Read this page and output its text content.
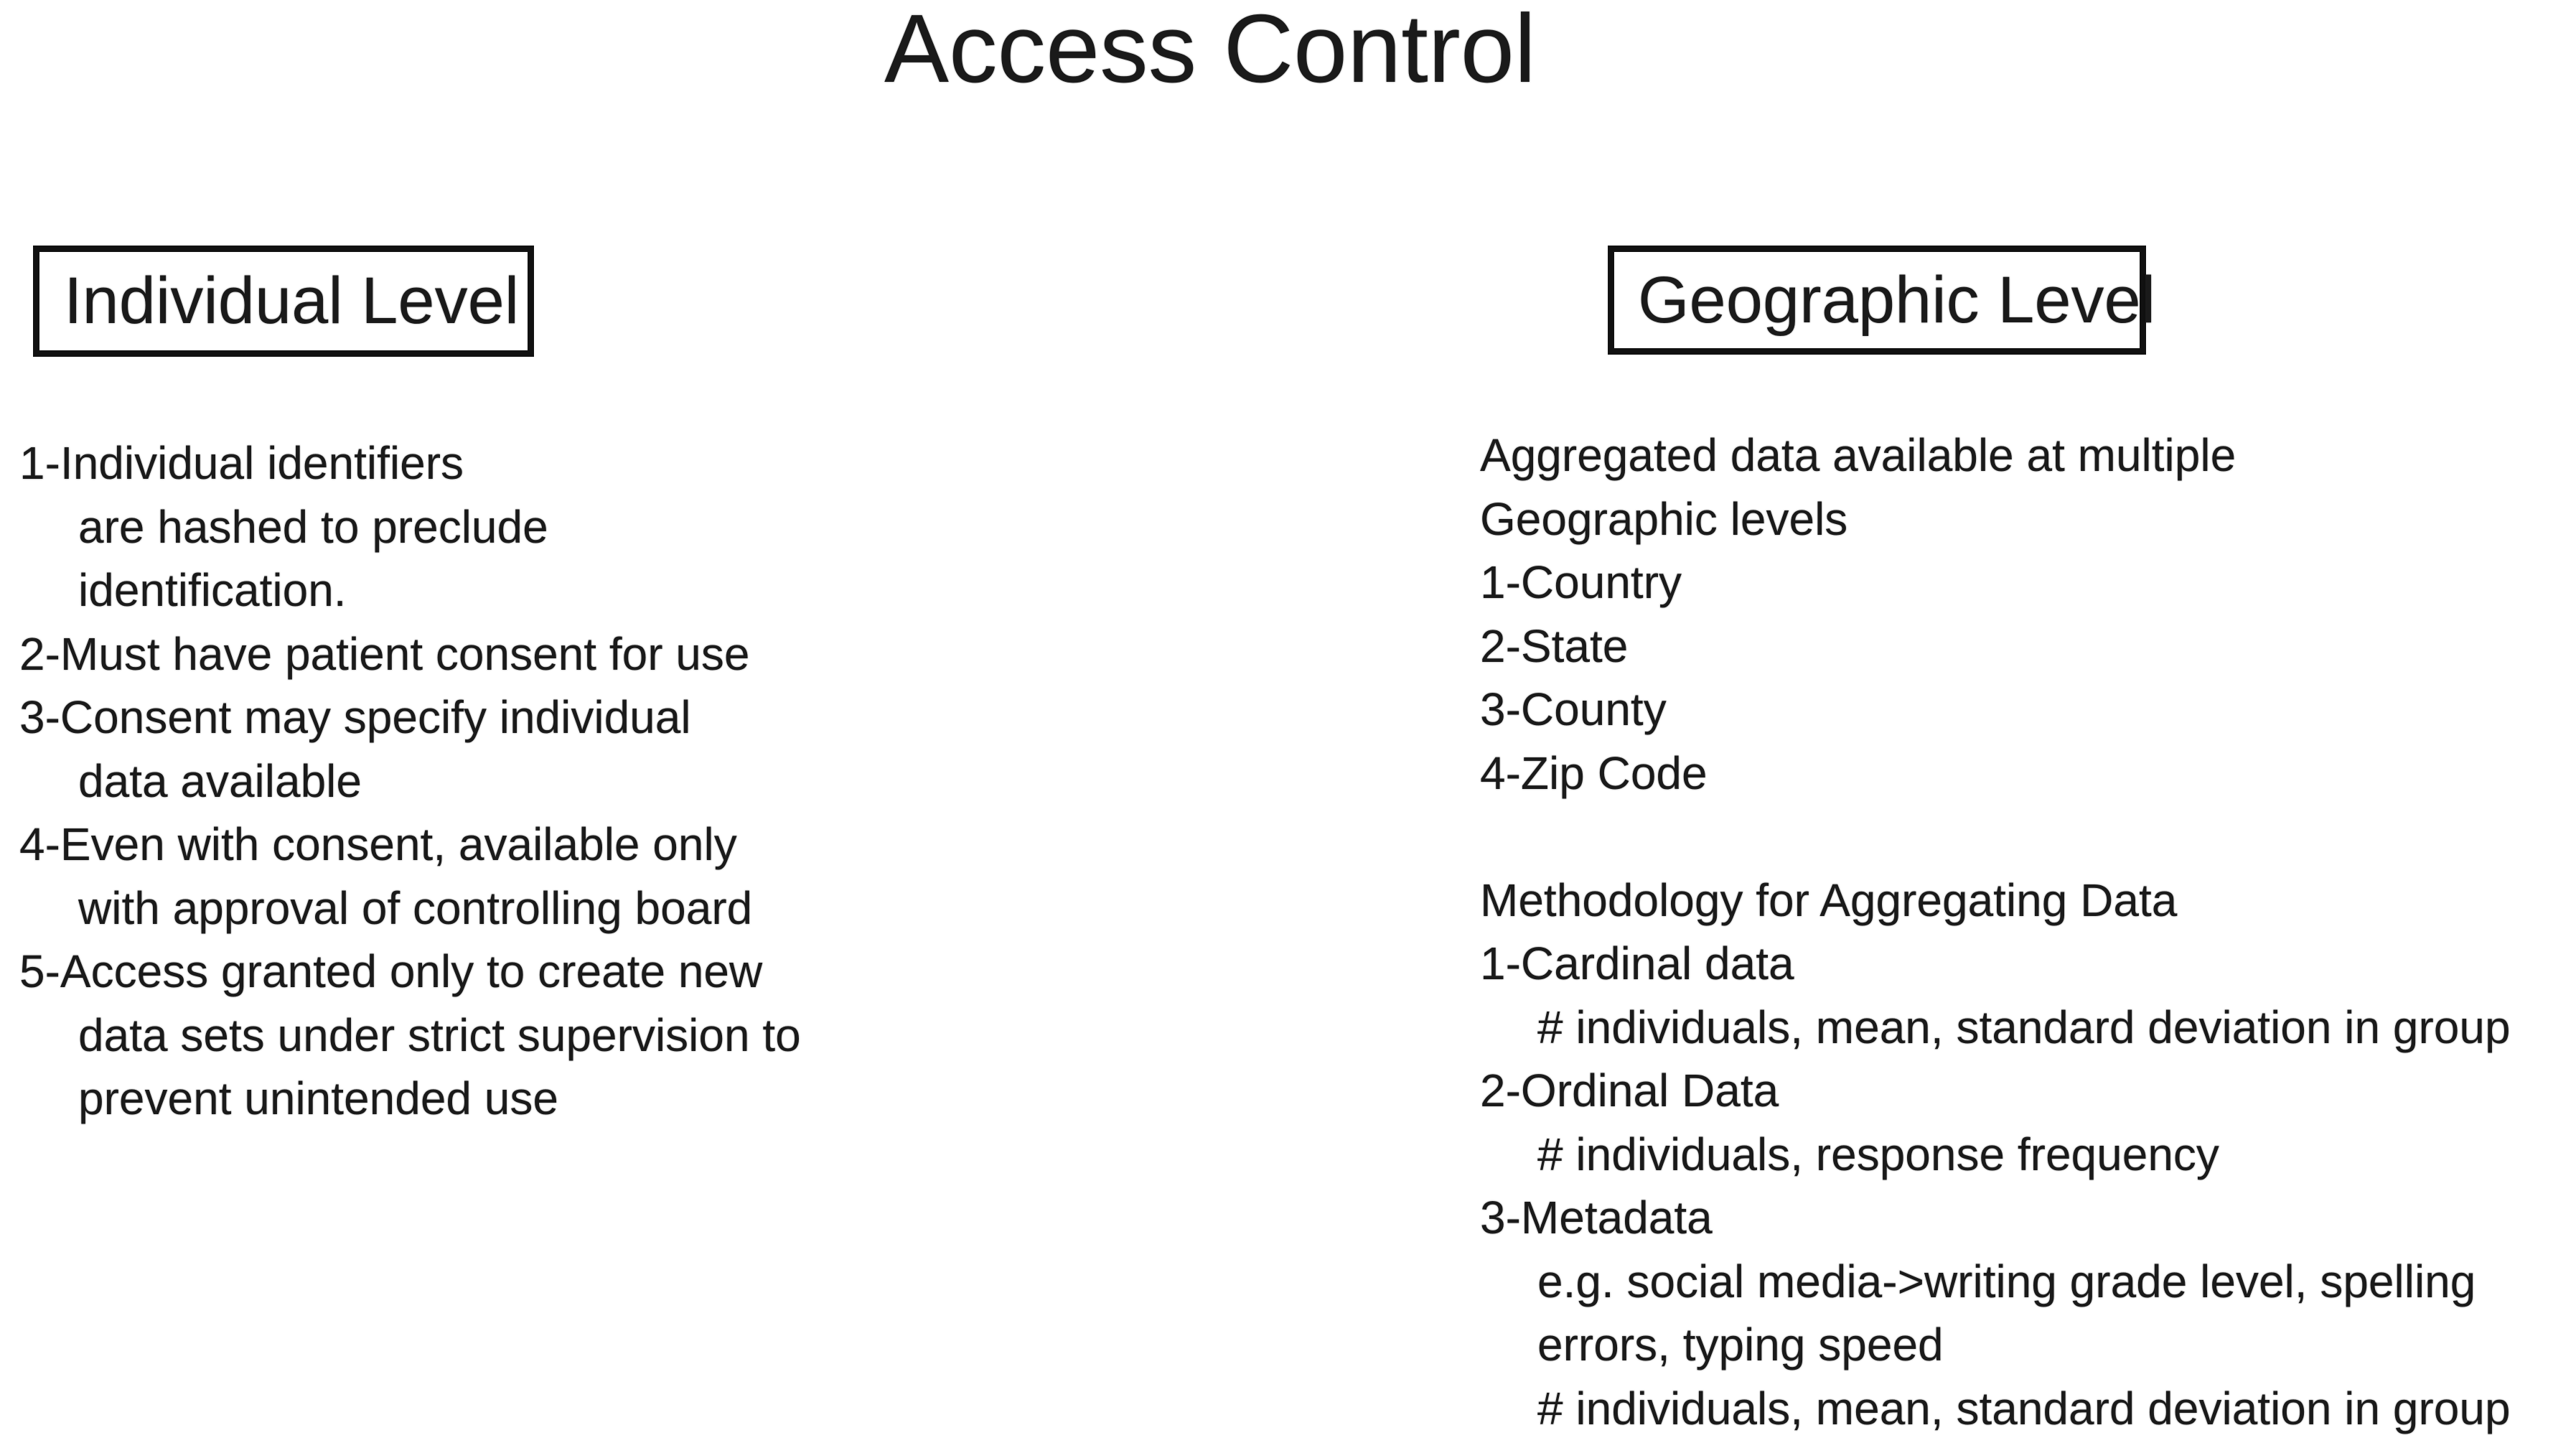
Access Control
Individual Level	Geographic Level
1-Individual identifiers
are hashed to preclude
identification.
2-Must have patient consent for use
3-Consent may specify individual
data available
4-Even with consent, available only
with approval of controlling board
5-Access granted only to create new
data sets under strict supervision to
prevent unintended use
Aggregated data available at multiple
Geographic levels
1-Country
2-State
3-County
4-Zip Code

Methodology for Aggregating Data
1-Cardinal data
# individuals, mean, standard deviation in group
2-Ordinal Data
# individuals, response frequency
3-Metadata
e.g. social media->writing grade level, spelling
errors, typing speed
# individuals, mean, standard deviation in group
